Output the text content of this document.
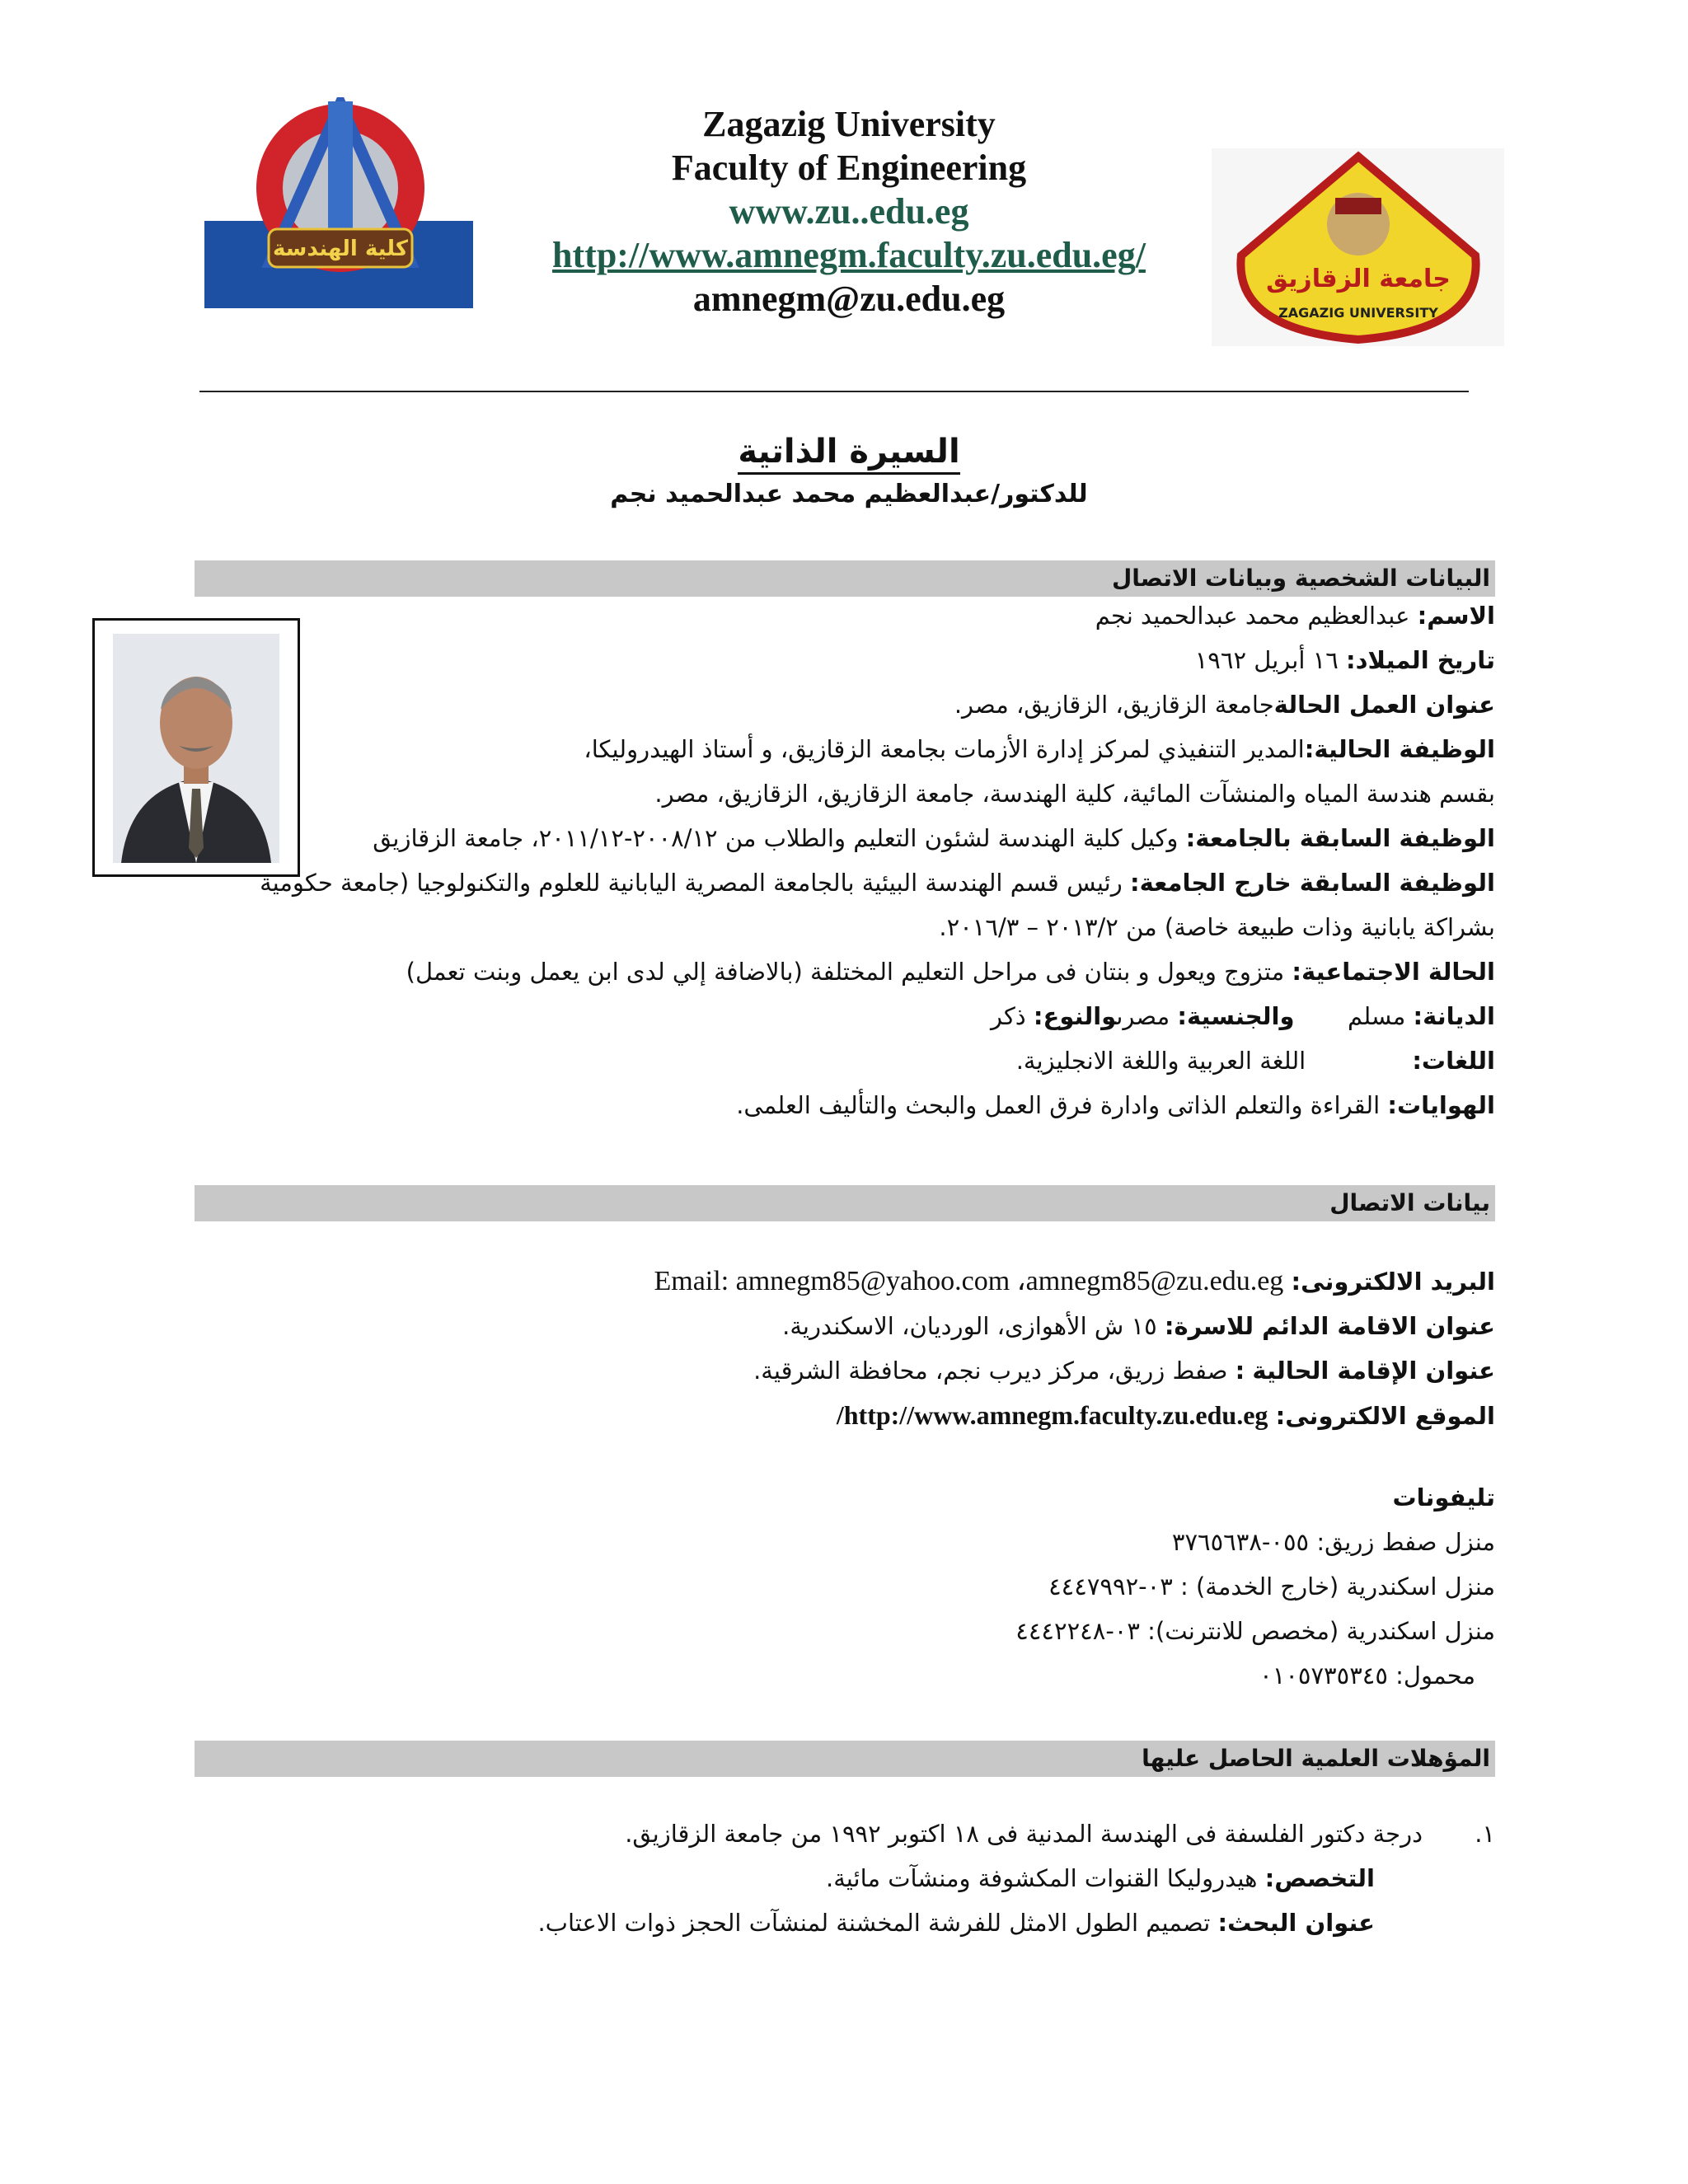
كلية الهندسة
Zagazig University
Faculty of Engineering
www.zu..edu.eg
http://www.amnegm.faculty.zu.edu.eg/
amnegm@zu.edu.eg	جامعة الزقازيق
ZAGAZIG UNIVERSITY
السيرة الذاتية
للدكتور/عبدالعظيم محمد عبدالحميد نجم
البيانات الشخصية وبيانات الاتصال
الاسم: عبدالعظيم محمد عبدالحميد نجم
تاريخ الميلاد: ١٦ أبريل ١٩٦٢
عنوان العمل الحالةجامعة الزقازيق، الزقازيق، مصر.
الوظيفة الحالية:المدير التنفيذي لمركز إدارة الأزمات بجامعة الزقازيق، و أستاذ الهيدروليكا،
بقسم هندسة المياه والمنشآت المائية، كلية الهندسة، جامعة الزقازيق، الزقازيق، مصر.
الوظيفة السابقة بالجامعة: وكيل كلية الهندسة لشئون التعليم والطلاب من ٢٠٠٨/١٢-٢٠١١/١٢، جامعة الزقازيق
الوظيفة السابقة خارج الجامعة: رئيس قسم الهندسة البيئية بالجامعة المصرية اليابانية للعلوم والتكنولوجيا (جامعة حكومية
بشراكة يابانية وذات طبيعة خاصة) من ٢٠١٣/٢ – ٢٠١٦/٣.
الحالة الاجتماعية: متزوج ويعول و بنتان فى مراحل التعليم المختلفة (بالاضافة إلي لدى ابن يعمل وبنت تعمل)
الديانة: مسلم       والجنسية: مصرىوالنوع: ذكر
اللغات:              اللغة العربية واللغة الانجليزية.
الهوايات: القراءة والتعلم الذاتى وادارة فرق العمل والبحث والتأليف العلمى.
بيانات الاتصال
البريد الالكترونى: Email: amnegm85@yahoo.com ،amnegm85@zu.edu.eg
عنوان الاقامة الدائم للاسرة: ١٥ ش الأهوازى، الورديان، الاسكندرية.
عنوان الإقامة الحالية : صفط زريق، مركز ديرب نجم، محافظة الشرقية.
الموقع الالكترونى: http://www.amnegm.faculty.zu.edu.eg/
تليفونات
منزل صفط زريق: ٠٥٥-٣٧٦٥٦٣٨
منزل اسكندرية (خارج الخدمة) : ٠٣-٤٤٤٧٩٩٢
منزل اسكندرية (مخصص للانترنت): ٠٣-٤٤٤٢٢٤٨
محمول: ٠١٠٥٧٣٥٣٤٥
المؤهلات العلمية الحاصل عليها
درجة دكتور الفلسفة فى الهندسة المدنية فى ١٨ اكتوبر ١٩٩٢ من جامعة الزقازيق. ١.
التخصص: هيدروليكا القنوات المكشوفة ومنشآت مائية.
عنوان البحث: تصميم الطول الامثل للفرشة المخشنة لمنشآت الحجز ذوات الاعتاب.
